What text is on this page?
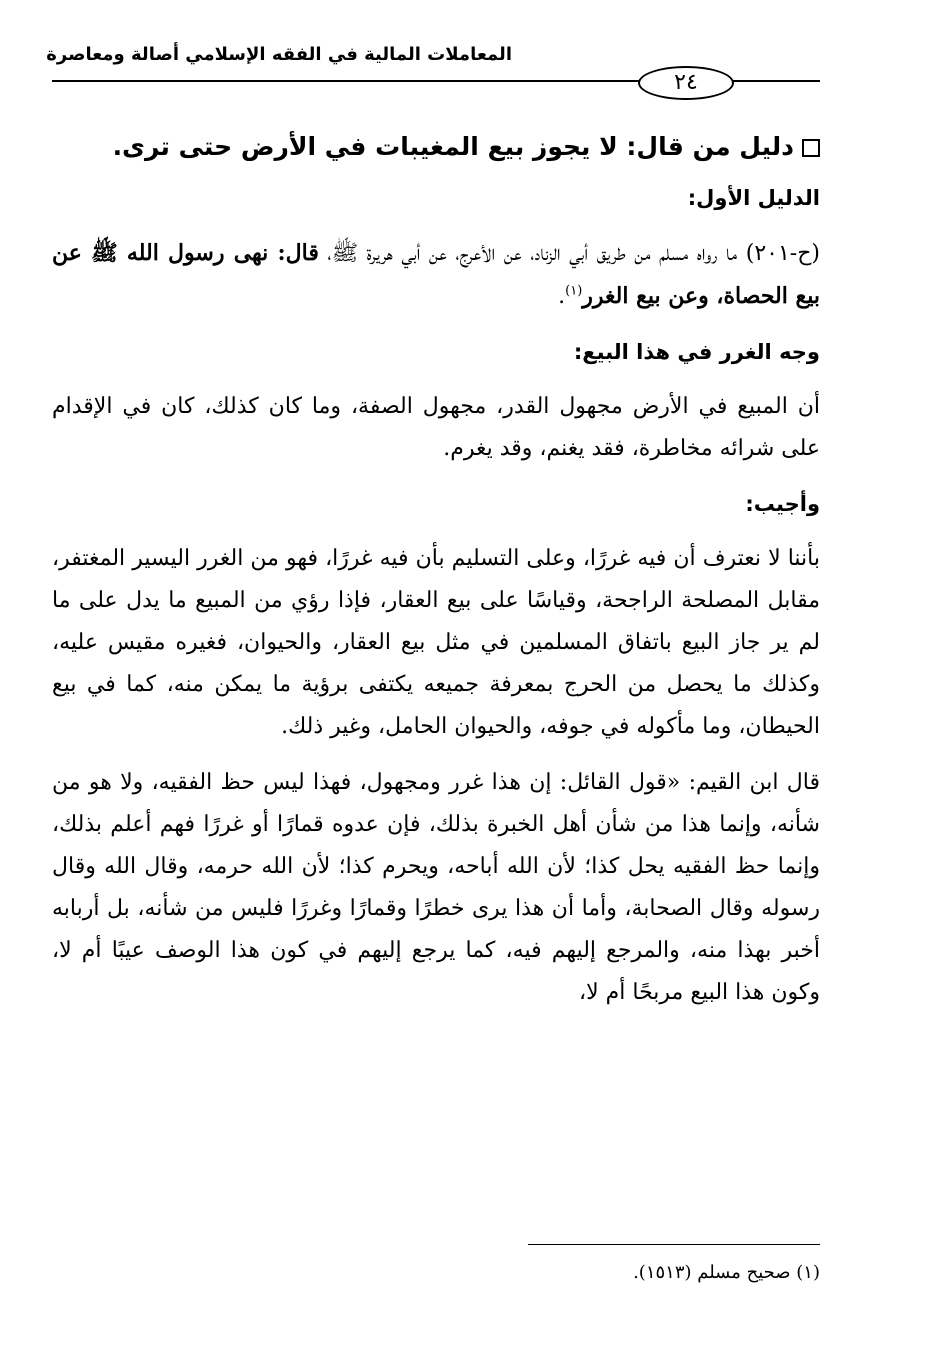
المعاملات المالية في الفقه الإسلامي أصالة ومعاصرة
٢٤
دليل من قال: لا يجوز بيع المغيبات في الأرض حتى ترى.
الدليل الأول:

(ح-٢٠١) ما رواه مسلم من طريق أبي الزناد، عن الأعرج، عن أبي هريرة ﷺ، قال: نهى رسول الله ﷺ عن بيع الحصاة، وعن بيع الغرر$^{(١)}$.

وجه الغرر في هذا البيع:

أن المبيع في الأرض مجهول القدر، مجهول الصفة، وما كان كذلك، كان في الإقدام على شرائه مخاطرة، فقد يغنم، وقد يغرم.

وأجيب:

بأننا لا نعترف أن فيه غررًا، وعلى التسليم بأن فيه غررًا، فهو من الغرر اليسير المغتفر، مقابل المصلحة الراجحة، وقياسًا على بيع العقار، فإذا رؤي من المبيع ما يدل على ما لم ير جاز البيع باتفاق المسلمين في مثل بيع العقار، والحيوان، فغيره مقيس عليه، وكذلك ما يحصل من الحرج بمعرفة جميعه يكتفى برؤية ما يمكن منه، كما في بيع الحيطان، وما مأكوله في جوفه، والحيوان الحامل، وغير ذلك.

قال ابن القيم: «قول القائل: إن هذا غرر ومجهول، فهذا ليس حظ الفقيه، ولا هو من شأنه، وإنما هذا من شأن أهل الخبرة بذلك، فإن عدوه قمارًا أو غررًا فهم أعلم بذلك، وإنما حظ الفقيه يحل كذا؛ لأن الله أباحه، ويحرم كذا؛ لأن الله حرمه، وقال الله وقال رسوله وقال الصحابة، وأما أن هذا يرى خطرًا وقمارًا وغررًا فليس من شأنه، بل أربابه أخبر بهذا منه، والمرجع إليهم فيه، كما يرجع إليهم في كون هذا الوصف عيبًا أم لا، وكون هذا البيع مربحًا أم لا،

(١) صحيح مسلم (١٥١٣).
